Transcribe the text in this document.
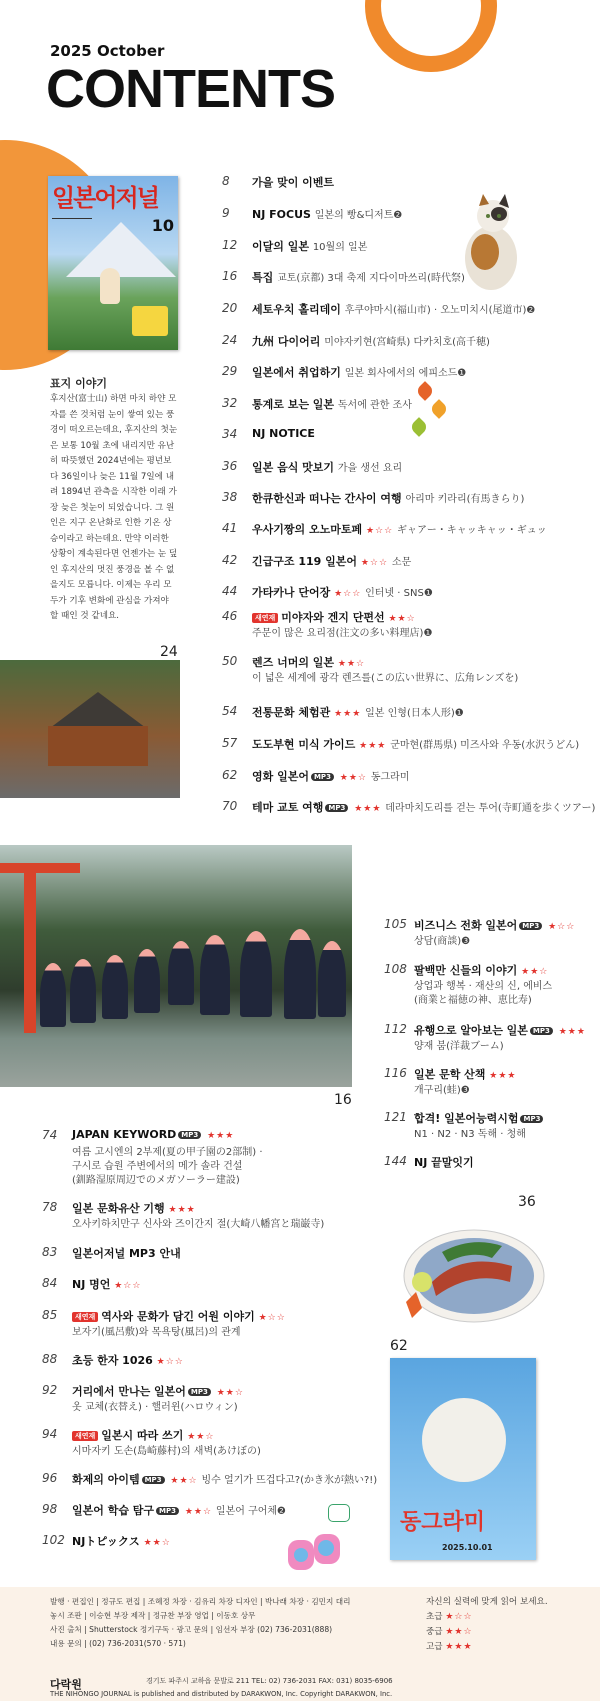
2025 October
CONTENTS
일본어저널
10
표지 이야기
후지산(富士山) 하면 마치 하얀 모자를 쓴 것처럼 눈이 쌓여 있는 풍경이 떠오르는데요, 후지산의 첫눈은 보통 10월 초에 내리지만 유난히 따뜻했던 2024년에는 평년보다 36일이나 늦은 11월 7일에 내려 1894년 관측을 시작한 이래 가장 늦은 첫눈이 되었습니다. 그 원인은 지구 온난화로 인한 기온 상승이라고 하는데요. 만약 이러한 상황이 계속된다면 언젠가는 눈 덮인 후지산의 멋진 풍경을 볼 수 없을지도 모릅니다. 이제는 우리 모두가 기후 변화에 관심을 가져야 할 때인 것 같네요.
8	가을 맞이 이벤트
9	NJ FOCUS 일본의 빵&디저트❷
12	이달의 일본 10월의 일본
16	특집 교토(京都) 3대 축제 지다이마쓰리(時代祭)
20	세토우치 홀리데이 후쿠야마시(福山市) · 오노미치시(尾道市)❷
24	九州 다이어리 미야자키현(宮崎県) 다카치호(高千穂)
29	일본에서 취업하기 일본 회사에서의 에피소드❶
32	통계로 보는 일본 독서에 관한 조사
34	NJ NOTICE
36	일본 음식 맛보기 가을 생선 요리
38	한큐한신과 떠나는 간사이 여행 아리마 키라리(有馬きらり)
41	우사기짱의 오노마토페 ★☆☆ ギャアー・キャッキャッ・ギュッ
42	긴급구조 119 일본어 ★☆☆ 소문
44	가타카나 단어장 ★☆☆ 인터넷 · SNS❶
46	새연재 미야자와 겐지 단편선 ★★☆
주문이 많은 요리점(注文の多い料理店)❶
24
50	렌즈 너머의 일본 ★★☆
이 넓은 세계에 광각 렌즈를(この広い世界に、広角レンズを)
54	전통문화 체험관 ★★★ 일본 인형(日本人形)❶
57	도도부현 미식 가이드 ★★★ 군마현(群馬県) 미즈사와 우동(水沢うどん)
62	영화 일본어 MP3 ★★☆ 동그라미
70	테마 교토 여행 MP3 ★★★ 데라마치도리를 걷는 투어(寺町通を歩くツアー)
16
105 비즈니스 전화 일본어 MP3 ★☆☆
상담(商談)❸
108 팔백만 신들의 이야기 ★★☆
상업과 행복 · 재산의 신, 에비스
(商業と福徳の神、恵比寿)
112 유행으로 알아보는 일본 MP3 ★★★
양재 붐(洋裁ブーム)
116 일본 문학 산책 ★★★
개구리(蛙)❸
121 합격! 일본어능력시험 MP3
N1 · N2 · N3 독해 · 청해
144 NJ 끝말잇기
74	JAPAN KEYWORD MP3 ★★★
여름 고시엔의 2부제(夏の甲子園の2部制) ·
구시로 습원 주변에서의 메가 솔라 건설
(釧路湿原周辺でのメガソーラー建設)
78	일본 문화유산 기행 ★★★
오사키하치만구 신사와 즈이간지 절(大崎八幡宮と瑞巌寺)
83	일본어저널 MP3 안내
84	NJ 명언 ★☆☆
85	새연재 역사와 문화가 담긴 어원 이야기 ★☆☆
보자기(風呂敷)와 목욕탕(風呂)의 관계
88	초등 한자 1026 ★☆☆
92	거리에서 만나는 일본어 MP3 ★★☆
옷 교체(衣替え) · 핼러윈(ハロウィン)
94	새연재 일본시 따라 쓰기 ★★☆
시마자키 도손(島崎藤村)의 새벽(あけぼの)
96	화제의 아이템 MP3 ★★☆ 빙수 얼기가 뜨겁다고?(かき氷が熱い?!)
98	일본어 학습 탐구 MP3 ★★☆ 일본어 구어체❷
102 NJトピックス ★★☆
36
62
동그라미
2025.10.01
발행 · 편집인 | 정규도 편집 | 조혜정 차장 · 김유리 차장 디자인 | 박나래 차장 · 김민지 대리
놓시 조판 | 이승현 부장 제작 | 정규찬 부장 영업 | 이동호 상무
사진 출처 | Shutterstock 정기구독 · 광고 문의 | 임선자 부장 (02) 736-2031(888)
내용 문의 | (02) 736-2031(570 · 571)
자신의 실력에 맞게 읽어 보세요.
초급 ★☆☆
중급 ★★☆
고급 ★★★
다락원	경기도 파주시 교하읍 문발로 211 TEL: 02) 736-2031 FAX: 031) 8035-6906
THE NIHONGO JOURNAL is published and distributed by DARAKWON, Inc. Copyright DARAKWON, Inc.
